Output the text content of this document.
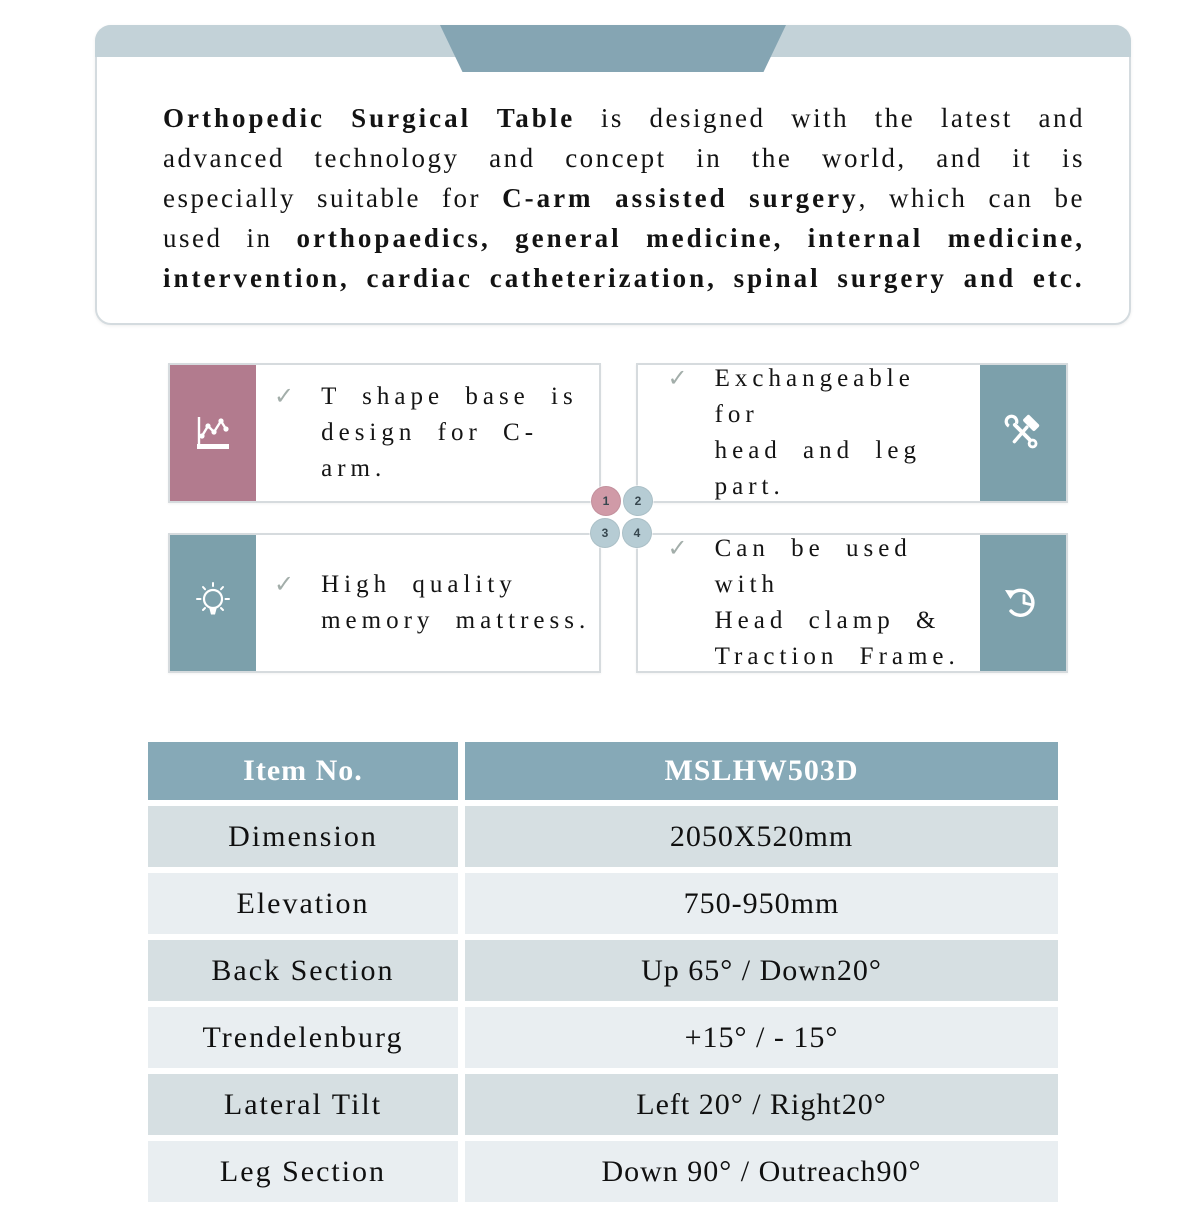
Orthopedic Surgical Table is designed with the latest and advanced technology and concept in the world, and it is especially suitable for C-arm assisted surgery, which can be used in orthopaedics, general medicine, internal medicine, intervention, cardiac catheterization, spinal surgery and etc.

✓ T shape base is
design for C-arm.
✓ Exchangeable for
head and leg part.
✓ High quality
memory mattress.
✓ Can be used with
Head clamp &
Traction Frame.
1	2
3	4
Item No.	MSLHW503D
Dimension	2050X520mm
Elevation	750-950mm
Back Section	Up 65° / Down20°
Trendelenburg	+15° / - 15°
Lateral Tilt	Left 20° / Right20°
Leg Section	Down 90° / Outreach90°
